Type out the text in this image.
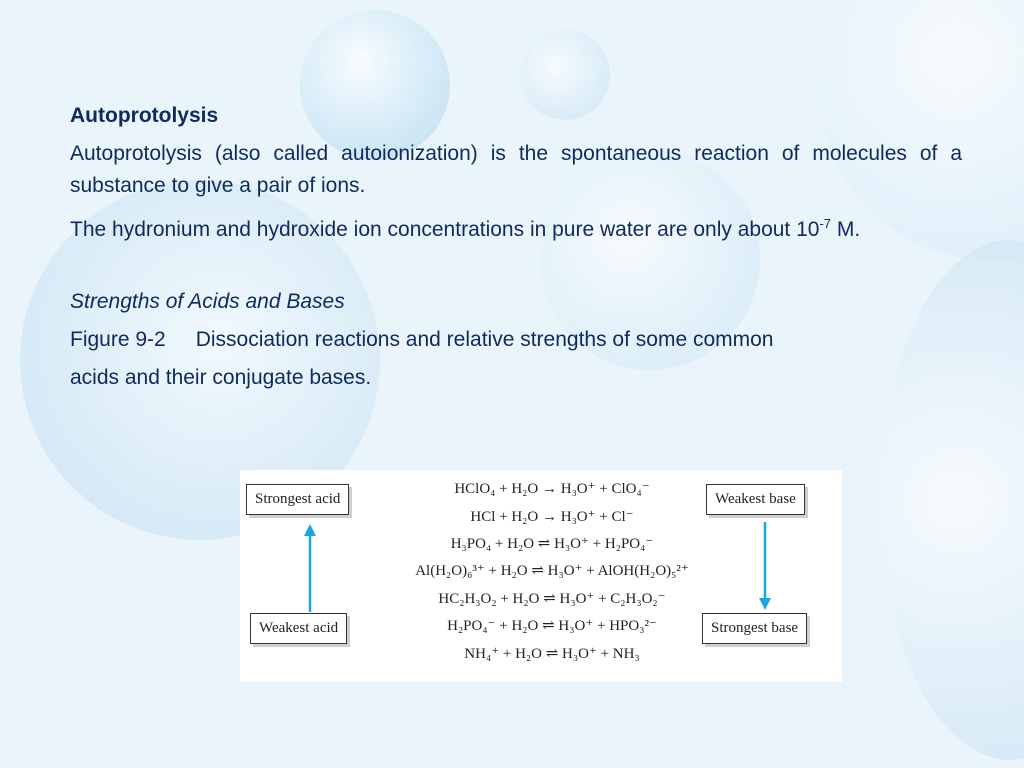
Autoprotolysis

Autoprotolysis (also called autoionization) is the spontaneous reaction of molecules of a substance to give a pair of ions.

The hydronium and hydroxide ion concentrations in pure water are only about $10^{-7}$ M.

Strengths of Acids and Bases

Figure 9-2 Dissociation reactions and relative strengths of some common

acids and their conjugate bases.

Strongest acid
Weakest acid
Weakest base
Strongest base
HClO₄ + H₂O → H₃O⁺ + ClO₄⁻
HCl + H₂O → H₃O⁺ + Cl⁻
H₃PO₄ + H₂O ⇌ H₃O⁺ + H₂PO₄⁻
Al(H₂O)₆³⁺ + H₂O ⇌ H₃O⁺ + AlOH(H₂O)₅²⁺
HC₂H₃O₂ + H₂O ⇌ H₃O⁺ + C₂H₃O₂⁻
H₂PO₄⁻ + H₂O ⇌ H₃O⁺ + HPO₃²⁻
NH₄⁺ + H₂O ⇌ H₃O⁺ + NH₃
